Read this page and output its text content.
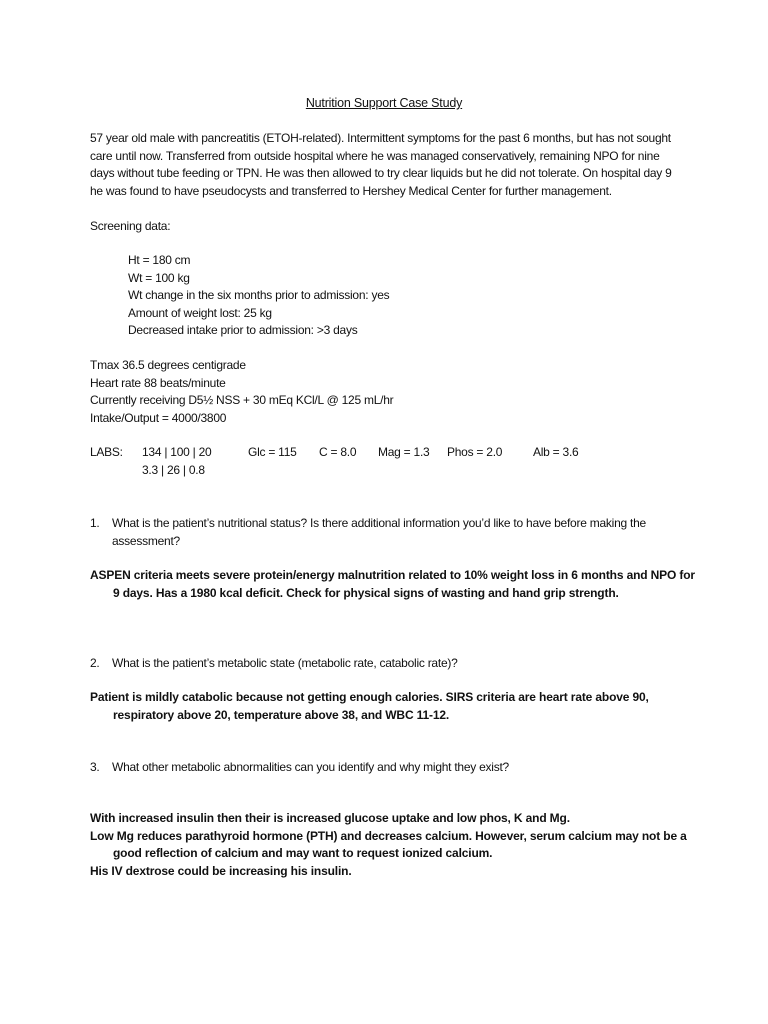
Nutrition Support Case Study
57 year old male with pancreatitis (ETOH-related). Intermittent symptoms for the past 6 months, but has not sought
care until now. Transferred from outside hospital where he was managed conservatively, remaining NPO for nine
days without tube feeding or TPN. He was then allowed to try clear liquids but he did not tolerate. On hospital day 9
he was found to have pseudocysts and transferred to Hershey Medical Center for further management.
Screening data:
Ht = 180 cm
Wt = 100 kg
Wt change in the six months prior to admission: yes
Amount of weight lost: 25 kg
Decreased intake prior to admission: >3 days
Tmax 36.5 degrees centigrade
Heart rate 88 beats/minute
Currently receiving D5½ NSS + 30 mEq KCl/L @ 125 mL/hr
Intake/Output = 4000/3800
LABS: 134 | 100 | 20
3.3 | 26 | 0.8
Glc = 115 C = 8.0 Mag = 1.3 Phos = 2.0	Alb = 3.6
1. What is the patient’s nutritional status? Is there additional information you’d like to have before making the
assessment?
ASPEN criteria meets severe protein/energy malnutrition related to 10% weight loss in 6 months and NPO for
9 days. Has a 1980 kcal deficit. Check for physical signs of wasting and hand grip strength.
2. What is the patient’s metabolic state (metabolic rate, catabolic rate)?
Patient is mildly catabolic because not getting enough calories. SIRS criteria are heart rate above 90,
respiratory above 20, temperature above 38, and WBC 11-12.
3. What other metabolic abnormalities can you identify and why might they exist?
With increased insulin then their is increased glucose uptake and low phos, K and Mg.
Low Mg reduces parathyroid hormone (PTH) and decreases calcium. However, serum calcium may not be a
good reflection of calcium and may want to request ionized calcium.
His IV dextrose could be increasing his insulin.
